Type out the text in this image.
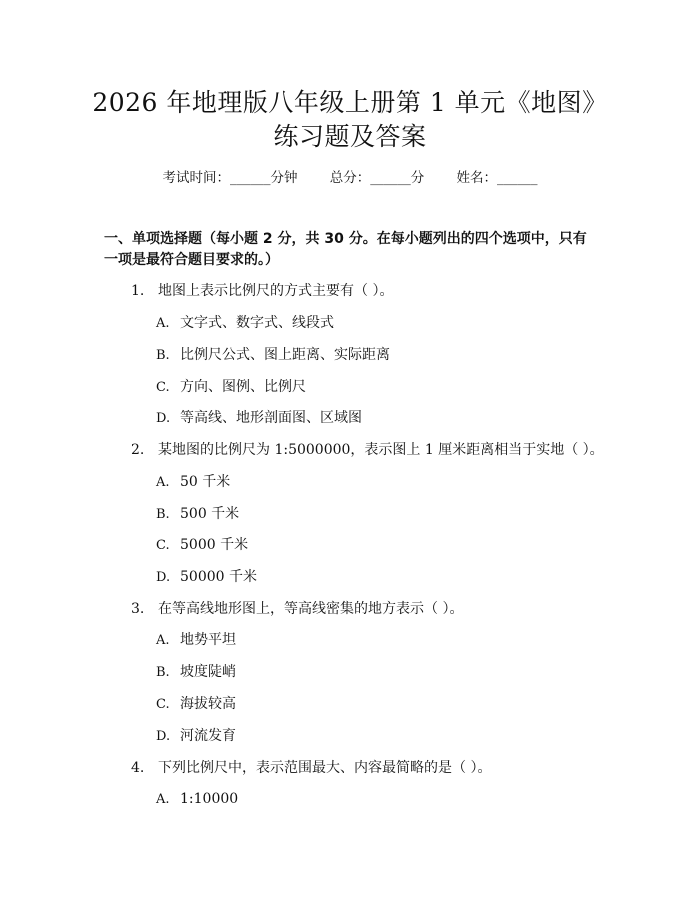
2026 年地理版八年级上册第 1 单元《地图》
练习题及答案
考试时间：______分钟 总分：______分 姓名：______
一、单项选择题（每小题 2 分，共 30 分。在每小题列出的四个选项中，只有一项是最符合题目要求的。）
1. 地图上表示比例尺的方式主要有（ ）。
A. 文字式、数字式、线段式
B. 比例尺公式、图上距离、实际距离
C. 方向、图例、比例尺
D. 等高线、地形剖面图、区域图
2. 某地图的比例尺为 1:5000000，表示图上 1 厘米距离相当于实地（ ）。
A. 50 千米
B. 500 千米
C. 5000 千米
D. 50000 千米
3. 在等高线地形图上，等高线密集的地方表示（ ）。
A. 地势平坦
B. 坡度陡峭
C. 海拔较高
D. 河流发育
4. 下列比例尺中，表示范围最大、内容最简略的是（ ）。
A. 1:10000
